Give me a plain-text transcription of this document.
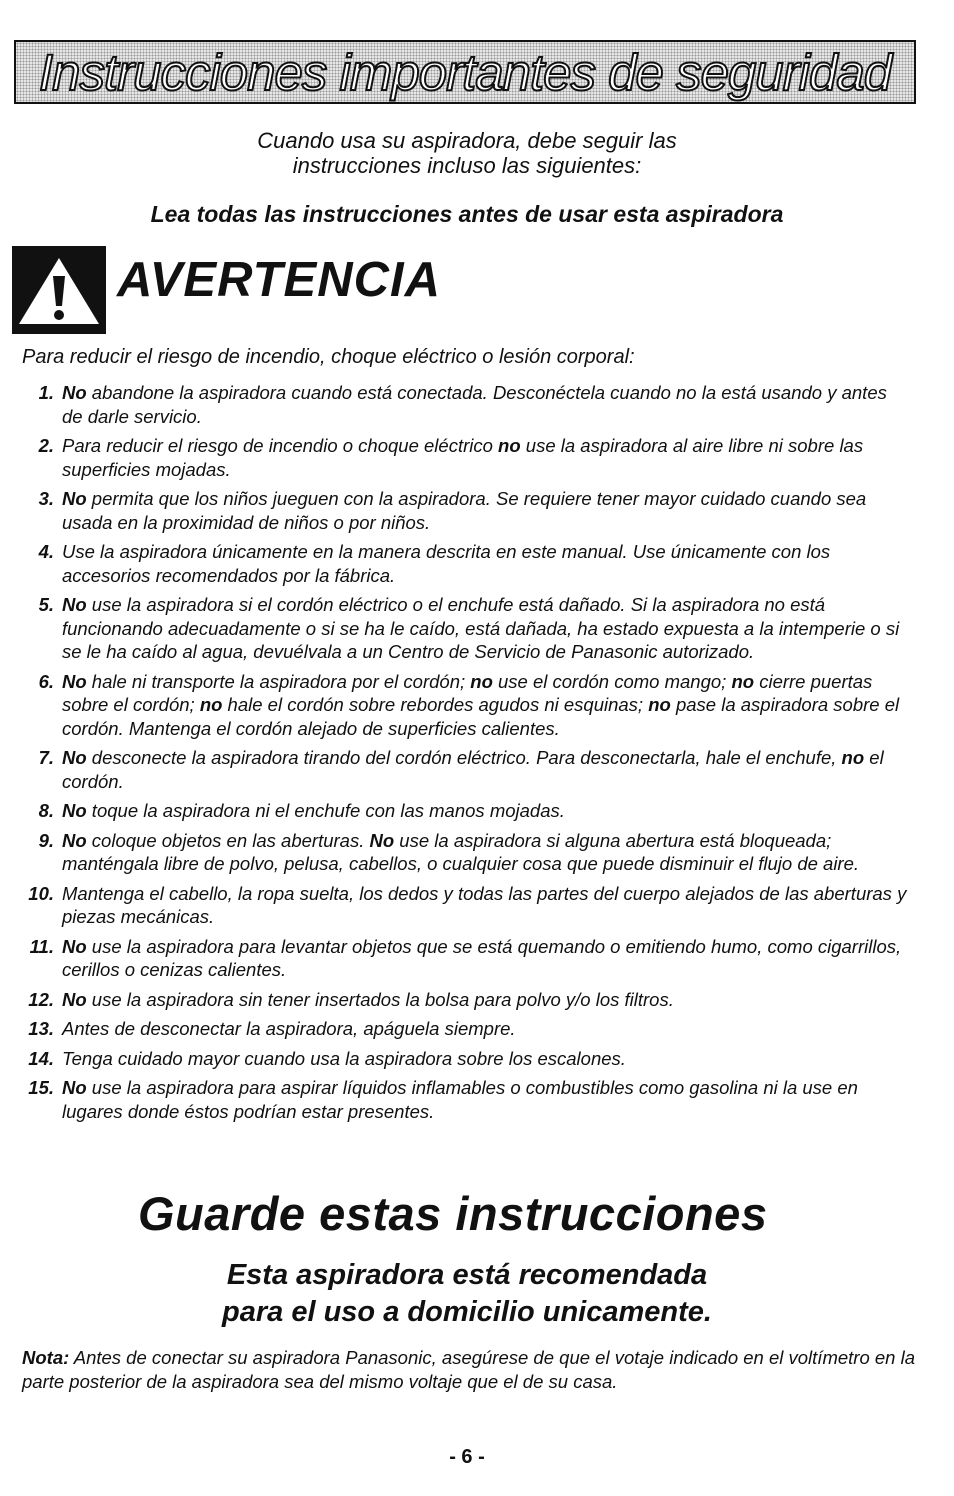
Instrucciones importantes de seguridad
Cuando usa su aspiradora, debe seguir las
instrucciones incluso las siguientes:
Lea todas las instrucciones antes de usar esta aspiradora
AVERTENCIA
Para reducir el riesgo de incendio, choque eléctrico o lesión corporal:
1. No abandone la aspiradora cuando está conectada. Desconéctela cuando no la está usando y antes de darle servicio.
2. Para reducir el riesgo de incendio o choque eléctrico no use la aspiradora al aire libre ni sobre las superficies mojadas.
3. No permita que los niños jueguen con la aspiradora. Se requiere tener mayor cuidado cuando sea usada en la proximidad de niños o por niños.
4. Use la aspiradora únicamente en la manera descrita en este manual. Use únicamente con los accesorios recomendados por la fábrica.
5. No use la aspiradora si el cordón eléctrico o el enchufe está dañado. Si la aspiradora no está funcionando adecuadamente o si se ha le caído, está dañada, ha estado expuesta a la intemperie o si se le ha caído al agua, devuélvala a un Centro de Servicio de Panasonic autorizado.
6. No hale ni transporte la aspiradora por el cordón; no use el cordón como mango; no cierre puertas sobre el cordón; no hale el cordón sobre rebordes agudos ni esquinas; no pase la aspiradora sobre el cordón. Mantenga el cordón alejado de superficies calientes.
7. No desconecte la aspiradora tirando del cordón eléctrico. Para desconectarla, hale el enchufe, no el cordón.
8. No toque la aspiradora ni el enchufe con las manos mojadas.
9. No coloque objetos en las aberturas. No use la aspiradora si alguna abertura está bloqueada; manténgala libre de polvo, pelusa, cabellos, o cualquier cosa que puede disminuir el flujo de aire.
10. Mantenga el cabello, la ropa suelta, los dedos y todas las partes del cuerpo alejados de las aberturas y piezas mecánicas.
11. No use la aspiradora para levantar objetos que se está quemando o emitiendo humo, como cigarrillos, cerillos o cenizas calientes.
12. No use la aspiradora sin tener insertados la bolsa para polvo y/o los filtros.
13. Antes de desconectar la aspiradora, apáguela siempre.
14. Tenga cuidado mayor cuando usa la aspiradora sobre los escalones.
15. No use la aspiradora para aspirar líquidos inflamables o combustibles como gasolina ni la use en lugares donde éstos podrían estar presentes.
Guarde estas instrucciones
Esta aspiradora está recomendada
para el uso a domicilio unicamente.
Nota: Antes de conectar su aspiradora Panasonic, asegúrese de que el votaje indicado en el voltímetro en la parte posterior de la aspiradora sea del mismo voltaje que el de su casa.
- 6 -
